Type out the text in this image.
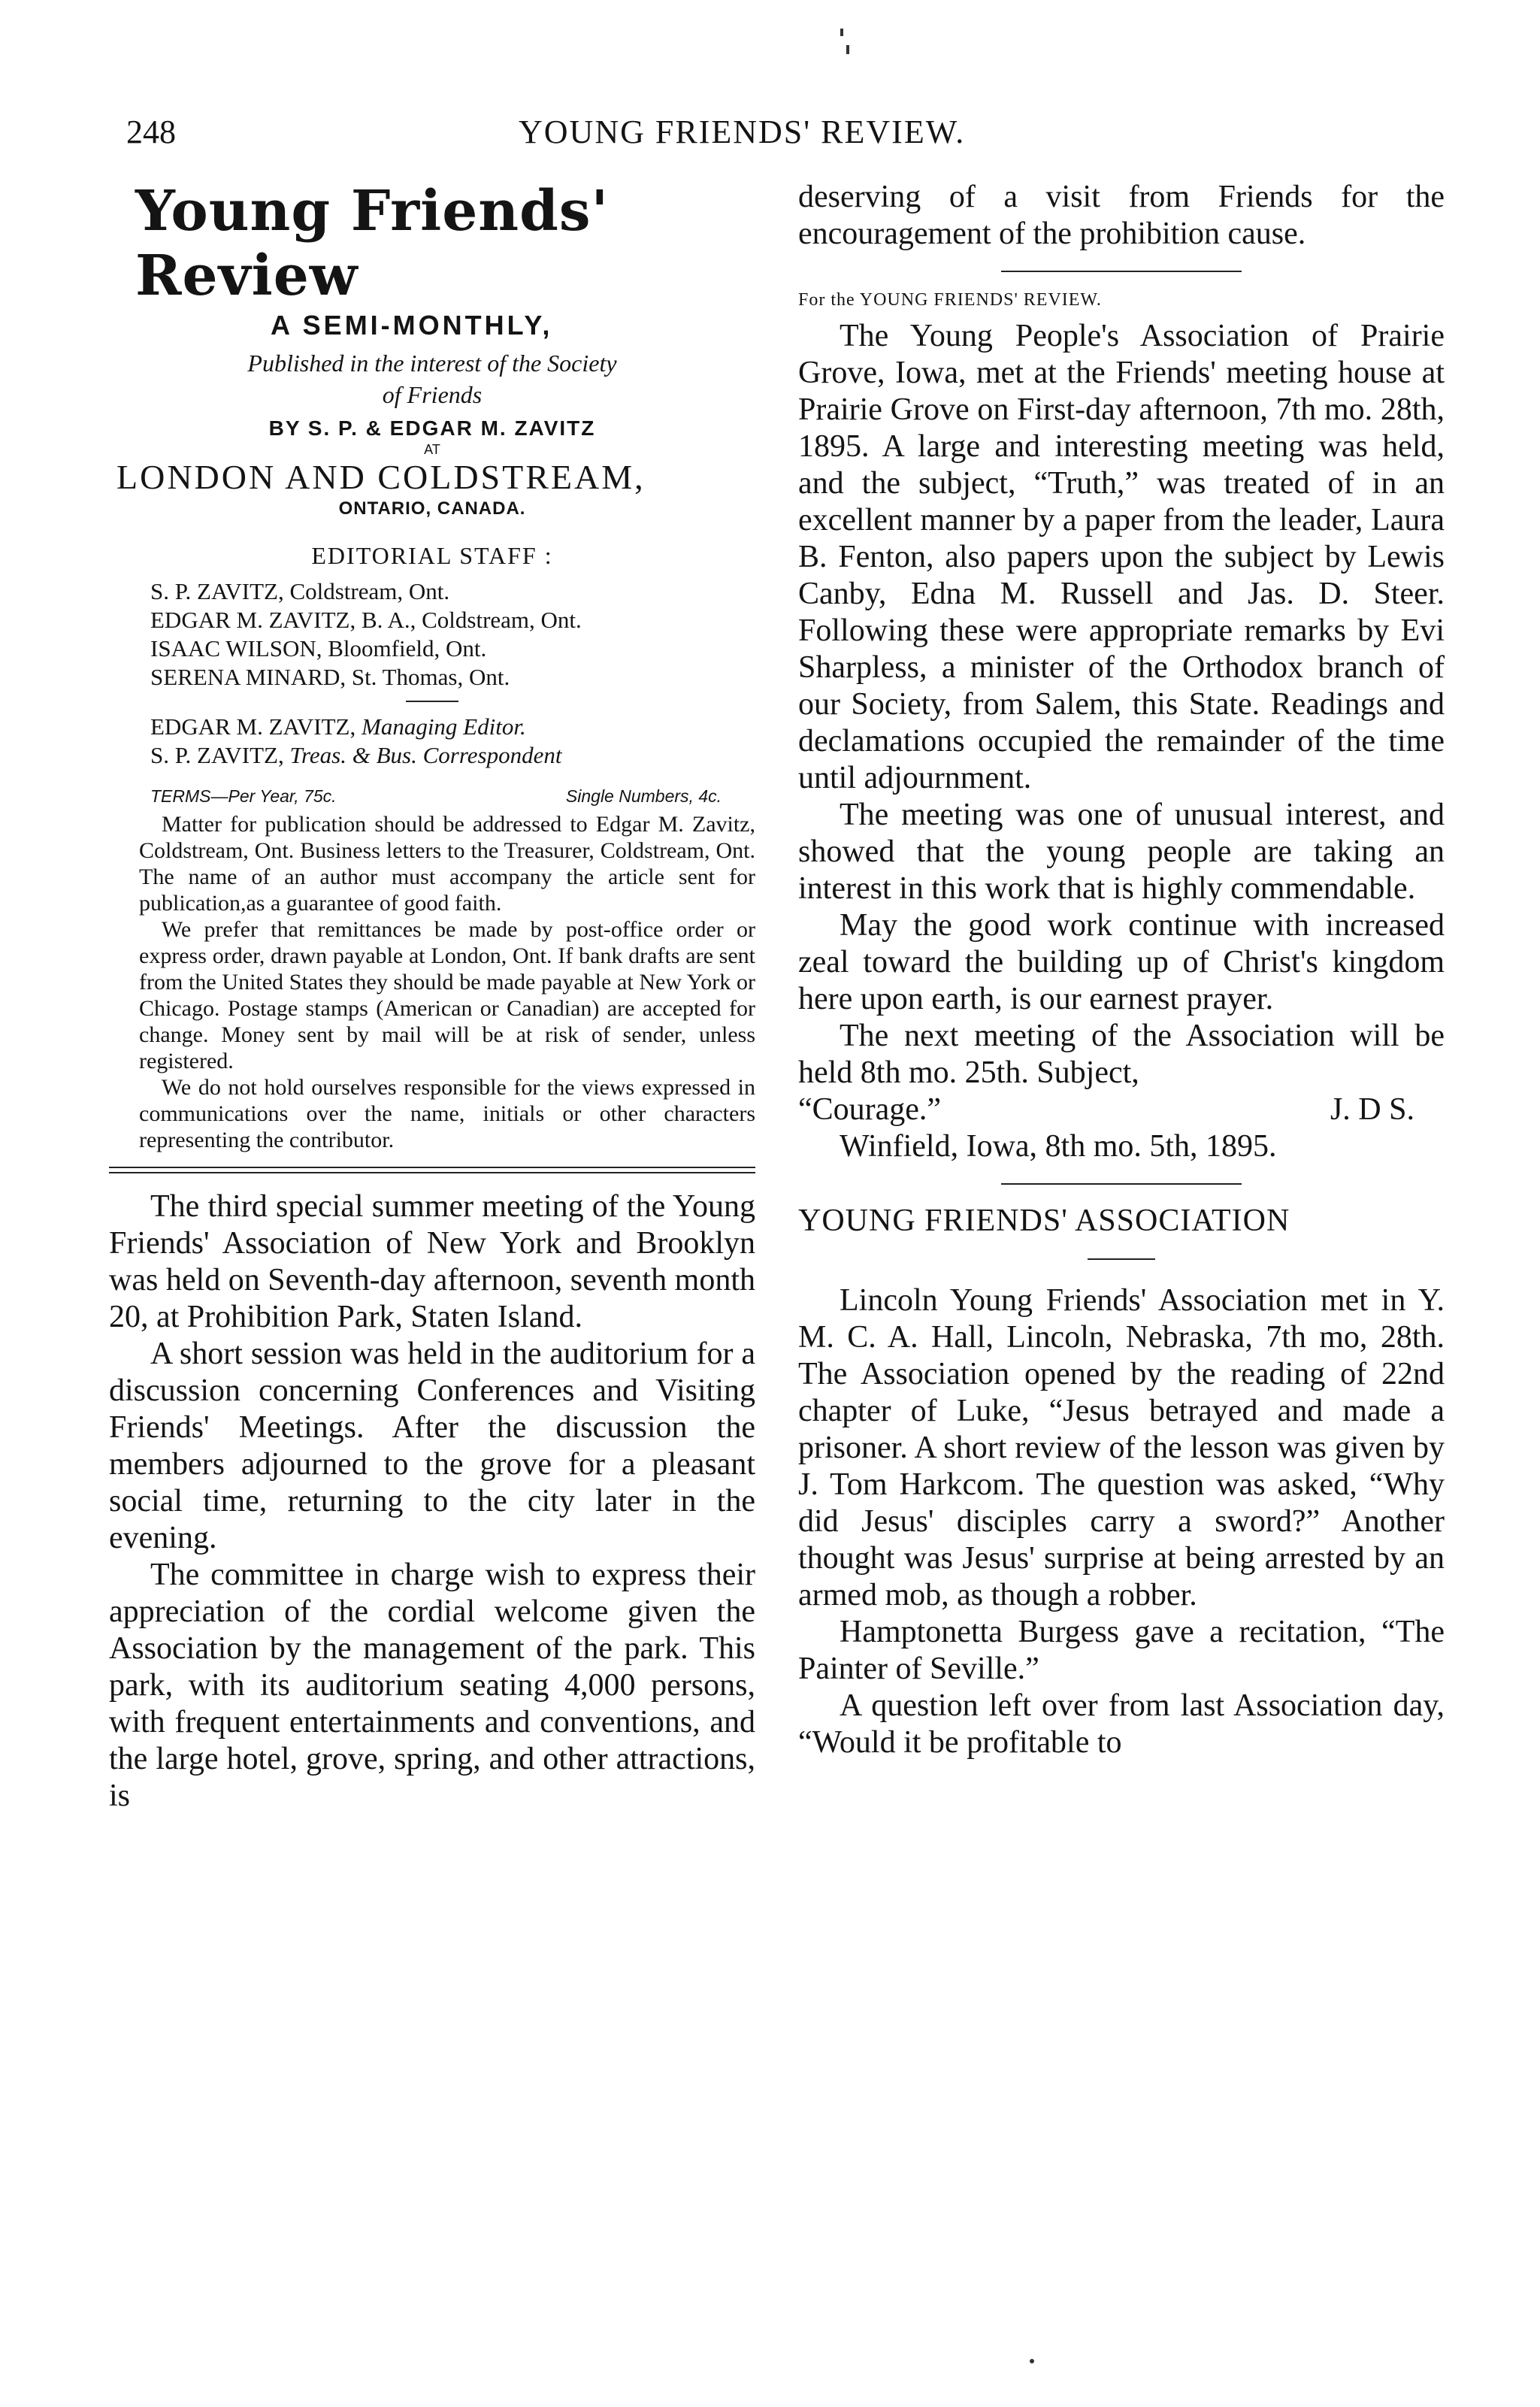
248	YOUNG FRIENDS' REVIEW.
Young Friends' Review
A SEMI-MONTHLY,
Published in the interest of the Society
of Friends
BY S. P. & EDGAR M. ZAVITZ
AT
LONDON AND COLDSTREAM,
ONTARIO, CANADA.
EDITORIAL STAFF :
S. P. ZAVITZ, Coldstream, Ont.
EDGAR M. ZAVITZ, B. A., Coldstream, Ont.
ISAAC WILSON, Bloomfield, Ont.
SERENA MINARD, St. Thomas, Ont.
EDGAR M. ZAVITZ, Managing Editor.
S. P. ZAVITZ, Treas. & Bus. Correspondent
TERMS—Per Year, 75c.	Single Numbers, 4c.

Matter for publication should be addressed to Edgar M. Zavitz, Coldstream, Ont. Business letters to the Treasurer, Coldstream, Ont. The name of an author must accompany the article sent for publication,as a guarantee of good faith.

We prefer that remittances be made by post-office order or express order, drawn payable at London, Ont. If bank drafts are sent from the United States they should be made payable at New York or Chicago. Postage stamps (American or Canadian) are accepted for change. Money sent by mail will be at risk of sender, unless registered.

We do not hold ourselves responsible for the views expressed in communications over the name, initials or other characters representing the contributor.

The third special summer meeting of the Young Friends' Association of New York and Brooklyn was held on Seventh-day afternoon, seventh month 20, at Prohibition Park, Staten Island.

A short session was held in the auditorium for a discussion concerning Conferences and Visiting Friends' Meetings. After the discussion the members adjourned to the grove for a pleasant social time, returning to the city later in the evening.

The committee in charge wish to express their appreciation of the cordial welcome given the Association by the management of the park. This park, with its auditorium seating 4,000 persons, with frequent entertainments and conventions, and the large hotel, grove, spring, and other attractions, is

deserving of a visit from Friends for the encouragement of the prohibition cause.

For the YOUNG FRIENDS' REVIEW.

The Young People's Association of Prairie Grove, Iowa, met at the Friends' meeting house at Prairie Grove on First-day afternoon, 7th mo. 28th, 1895. A large and interesting meeting was held, and the subject, “Truth,” was treated of in an excellent manner by a paper from the leader, Laura B. Fenton, also papers upon the subject by Lewis Canby, Edna M. Russell and Jas. D. Steer. Following these were appropriate remarks by Evi Sharpless, a minister of the Orthodox branch of our Society, from Salem, this State. Readings and declamations occupied the remainder of the time until adjournment.

The meeting was one of unusual interest, and showed that the young people are taking an interest in this work that is highly commendable.

May the good work continue with increased zeal toward the building up of Christ's kingdom here upon earth, is our earnest prayer.

The next meeting of the Association will be held 8th mo. 25th. Subject,

“Courage.”	J. D S.

Winfield, Iowa, 8th mo. 5th, 1895.

YOUNG FRIENDS' ASSOCIATION

Lincoln Young Friends' Association met in Y. M. C. A. Hall, Lincoln, Nebraska, 7th mo, 28th. The Association opened by the reading of 22nd chapter of Luke, “Jesus betrayed and made a prisoner. A short review of the lesson was given by J. Tom Harkcom. The question was asked, “Why did Jesus' disciples carry a sword?” Another thought was Jesus' surprise at being arrested by an armed mob, as though a robber.

Hamptonetta Burgess gave a recitation, “The Painter of Seville.”

A question left over from last Association day, “Would it be profitable to
